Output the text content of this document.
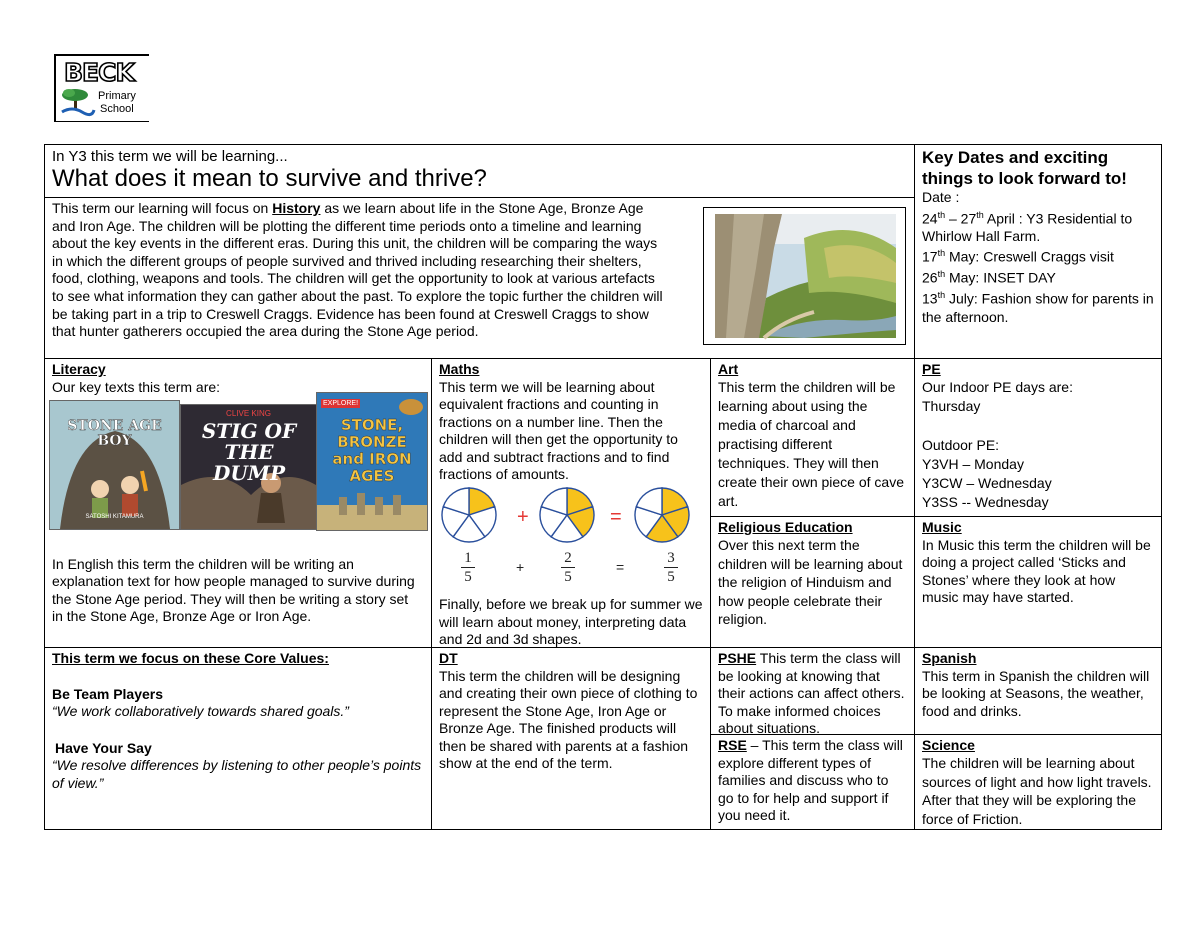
BECK
Primary
School

In Y3 this term we will be learning...

What does it mean to survive and thrive?

This term our learning will focus on History as we learn about life in the Stone Age, Bronze Age and Iron Age. The children will be plotting the different time periods onto a timeline and learning about the key events in the different eras. During this unit, the children will be comparing the ways in which the different groups of people survived and thrived including researching their shelters, food, clothing, weapons and tools. The children will get the opportunity to look at various artefacts to see what information they can gather about the past. To explore the topic further the children will be taking part in a trip to Creswell Craggs. Evidence has been found at Creswell Craggs to show that hunter gatherers occupied the area during the Stone Age period.

Key Dates and exciting things to look forward to!

Date :

24th – 27th April : Y3 Residential to Whirlow Hall Farm.

17th May: Creswell Craggs visit

26th May: INSET DAY

13th July: Fashion show for parents in the afternoon.

Literacy

Our key texts this term are:

In English this term the children will be writing an explanation text for how people managed to survive during the Stone Age period. They will then be writing a story set in the Stone Age, Bronze Age or Iron Age.

STONE AGE BOY
SATOSHI KITAMURA
CLIVE KING
STIG OF THE DUMP
EXPLORE!
STONE, BRONZE and IRON AGES

Maths

This term we will be learning about equivalent fractions and counting in fractions on a number line. Then the children will then get the opportunity to add and subtract fractions and to find fractions of amounts.

Finally, before we break up for summer we will learn about money, interpreting data and 2d and 3d shapes.

+	=
1
5
+
2
5
=
3
5

Art

This term the children will be learning about using the media of charcoal and practising different techniques. They will then create their own piece of cave art.

PE

Our Indoor PE days are:

Thursday

Outdoor PE:

Y3VH – Monday

Y3CW – Wednesday

Y3SS -- Wednesday

Religious Education

Over this next term the children will be learning about the religion of Hinduism and how people celebrate their religion.

Music

In Music this term the children will be doing a project called ‘Sticks and Stones’ where they look at how music may have started.

This term we focus on these Core Values:

Be Team Players

“We work collaboratively towards shared goals.”

Have Your Say

“We resolve differences by listening to other people’s points of view.”

DT

This term the children will be designing and creating their own piece of clothing to represent the Stone Age, Iron Age or Bronze Age. The finished products will then be shared with parents at a fashion show at the end of the term.

PSHE This term the class will be looking at knowing that their actions can affect others. To make informed choices about situations.
RSE – This term the class will explore different types of families and discuss who to go to for help and support if you need it.

Spanish

This term in Spanish the children will be looking at Seasons, the weather, food and drinks.

Science

The children will be learning about sources of light and how light travels. After that they will be exploring the force of Friction.
